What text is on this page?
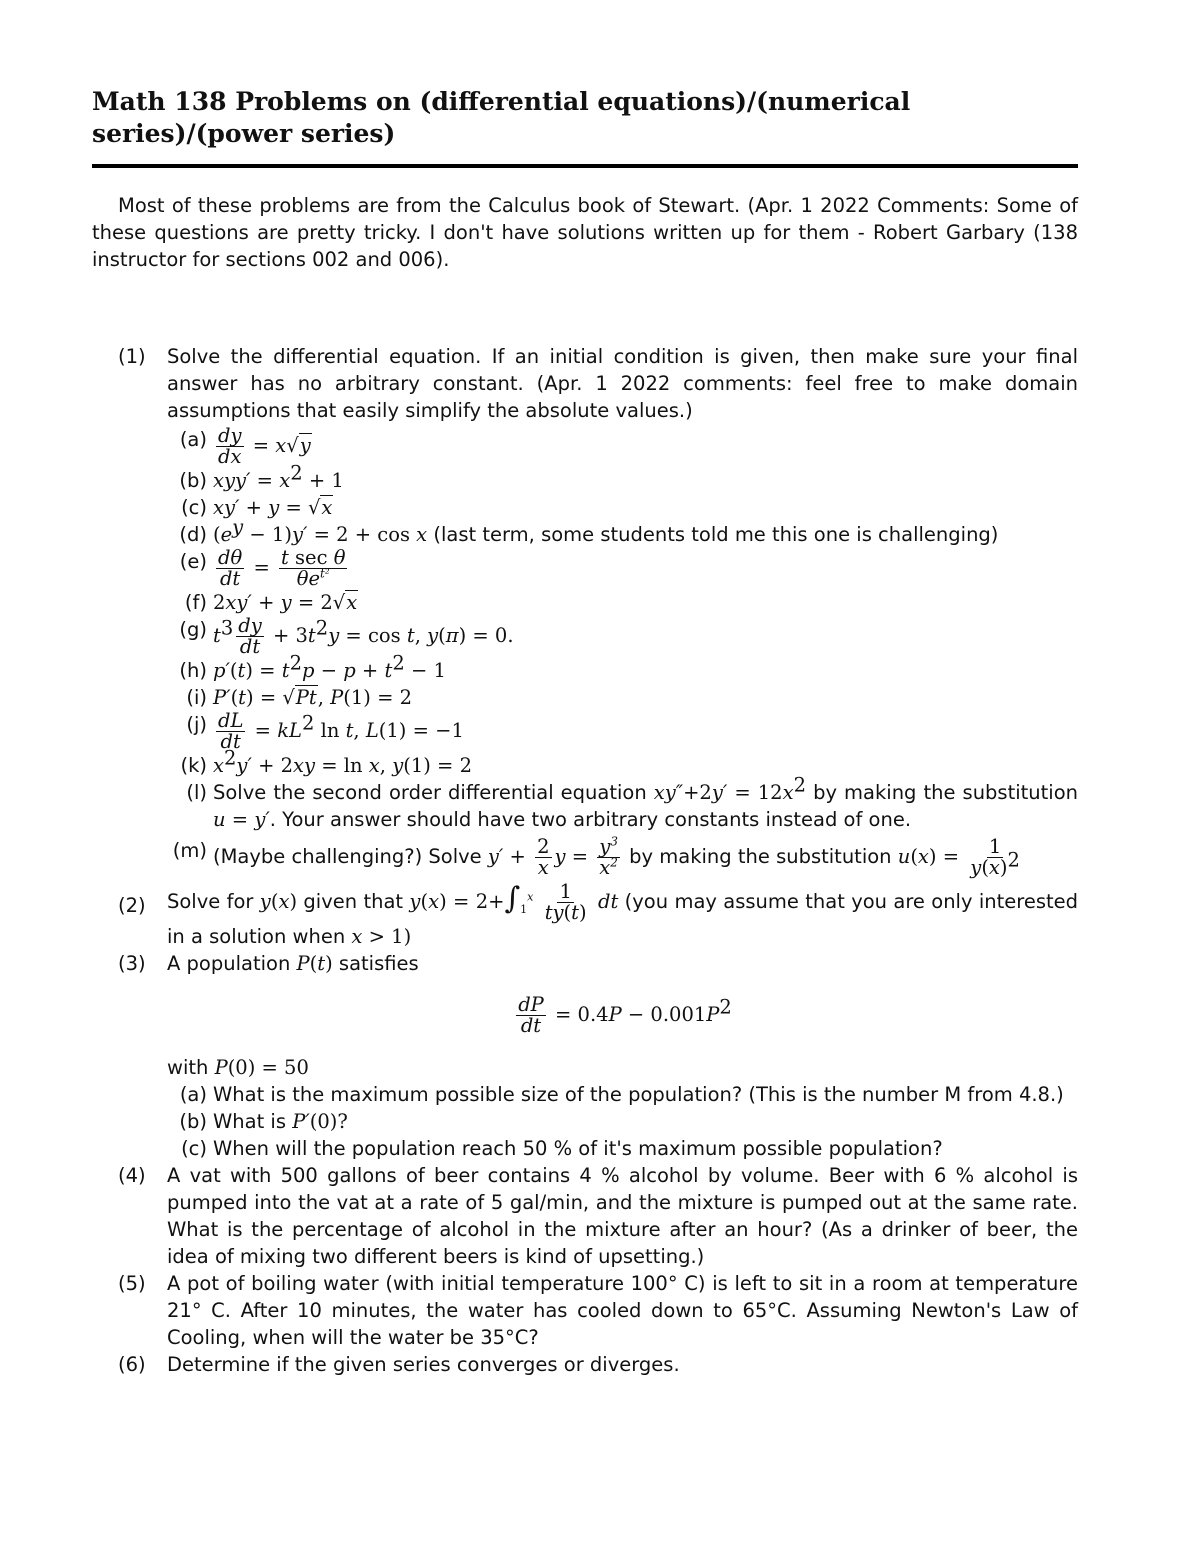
Math 138 Problems on (differential equations)/(numerical series)/(power series)

Most of these problems are from the Calculus book of Stewart. (Apr. 1 2022 Comments: Some of these questions are pretty tricky. I don't have solutions written up for them - Robert Garbary (138 instructor for sections 002 and 006).

(1) Solve the differential equation. If an initial condition is given, then make sure your final answer has no arbitrary constant. (Apr. 1 2022 comments: feel free to make domain assumptions that easily simplify the absolute values.)
$(a) \frac{dy}{dx} = x√y$
(b) $xyy' = x^2 + 1$
(c) xy′ + y = √x
(d) $(e^y - 1)y' = 2 + \cos x$ (last term, some students told me this one is challenging)
$(e) \frac{d\theta}{dt} = \frac{\text{t sec θ}}{\theta e^{t^2}}$
(f) 2xy′ + y = 2√x
(g) $t^3 \frac{dy}{dt} + 3t^2y = \cos t$, y(π) = 0.
(h) $p'(t) = t^2p - p + t^2 - 1$
(i) P′(t) = √Pt, P(1) = 2
$(j) \frac{dL}{dt} = kL^2$ ln t, L(1) = −1
(k) $x^2y' + 2xy = \ln x$, y(1) = 2
(l) Solve the second order differential equation $xy''+2y' = 12x^2$ by making the substitution u = y′. Your answer should have two arbitrary constants instead of one.
(m) (Maybe challenging?) Solve $y' + \frac{2}{x}$ $y = \frac{y^3}{x^2}$ by making the substitution $u(x) = \frac{1}{y(x)^2}$
(2) Solve for y(x) given that $y(x) = 2+\int_1^x \frac{1}{ty(t)}$ dt (you may assume that you are only interested in a solution when x > 1)
(3) A population P(t) satisfies
$\frac{dP}{dt} = 0.4P - 0.001P^2$
with P(0) = 50
(a) What is the maximum possible size of the population? (This is the number M from 4.8.)
(b) What is P′(0)?
(c) When will the population reach 50 % of it's maximum possible population?
(4) A vat with 500 gallons of beer contains 4 % alcohol by volume. Beer with 6 % alcohol is pumped into the vat at a rate of 5 gal/min, and the mixture is pumped out at the same rate. What is the percentage of alcohol in the mixture after an hour? (As a drinker of beer, the idea of mixing two different beers is kind of upsetting.)
(5) A pot of boiling water (with initial temperature 100° C) is left to sit in a room at temperature 21° C. After 10 minutes, the water has cooled down to 65°C. Assuming Newton's Law of Cooling, when will the water be 35°C?
(6) Determine if the given series converges or diverges.
